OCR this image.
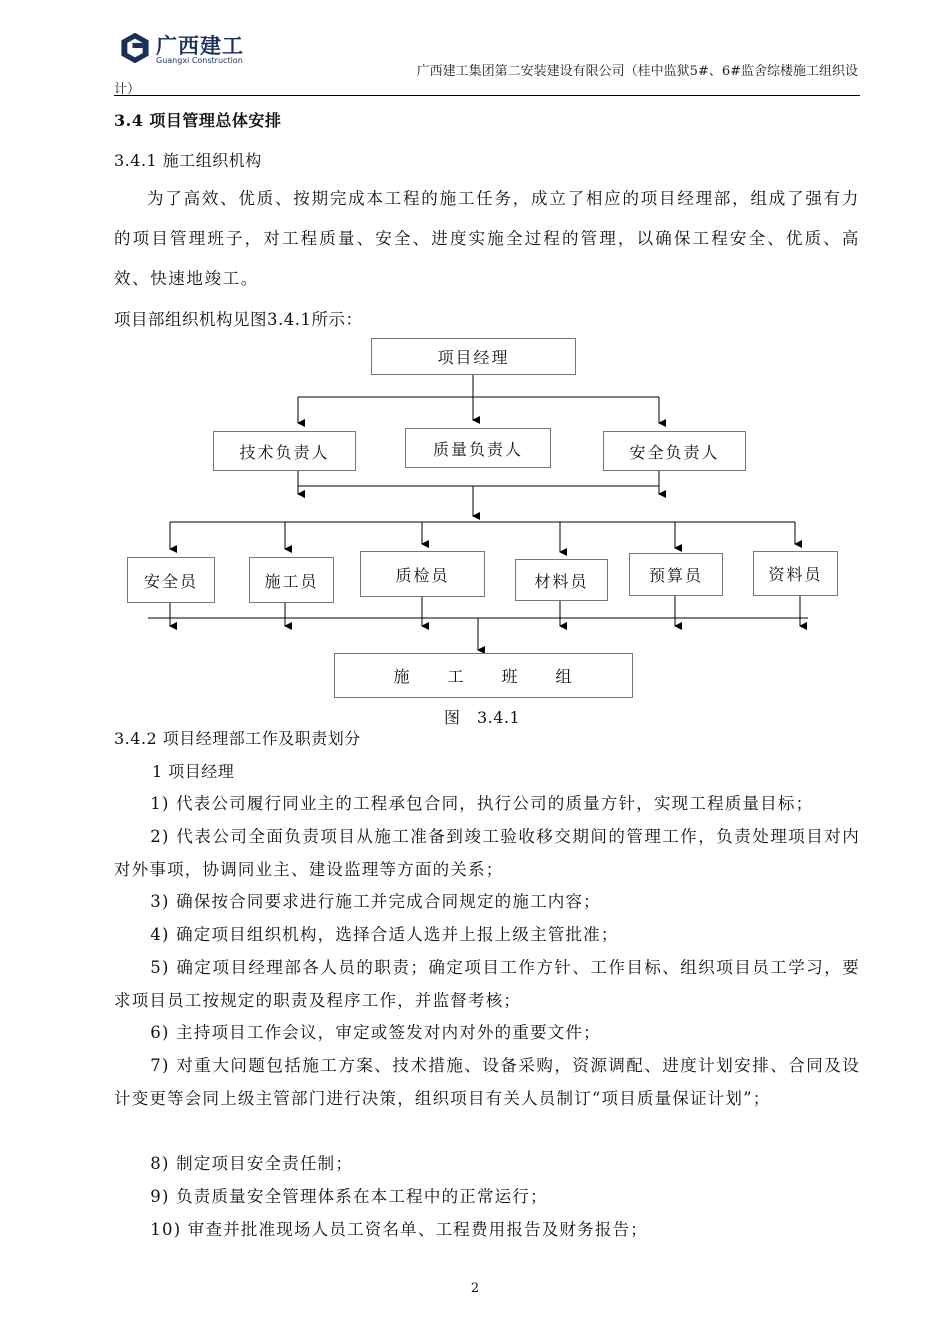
广西建工
Guangxi Construction
广西建工集团第二安装建设有限公司（桂中监狱5#、6#监舍综楼施工组织设
计）
3.4 项目管理总体安排
3.4.1 施工组织机构
为了高效、优质、按期完成本工程的施工任务，成立了相应的项目经理部，组成了强有力的项目管理班子，对工程质量、安全、进度实施全过程的管理，以确保工程安全、优质、高效、快速地竣工。
项目部组织机构见图3.4.1所示：
项目经理
技术负责人	质量负责人	安全负责人
安全员	施工员	质检员	材料员	预算员	资料员
施　　工　　班　　组
图　3.4.1
3.4.2 项目经理部工作及职责划分
1 项目经理
1) 代表公司履行同业主的工程承包合同，执行公司的质量方针，实现工程质量目标；
2) 代表公司全面负责项目从施工准备到竣工验收移交期间的管理工作，负责处理项目对内对外事项，协调同业主、建设监理等方面的关系；
3) 确保按合同要求进行施工并完成合同规定的施工内容；
4) 确定项目组织机构，选择合适人选并上报上级主管批准；
5) 确定项目经理部各人员的职责；确定项目工作方针、工作目标、组织项目员工学习，要求项目员工按规定的职责及程序工作，并监督考核；
6) 主持项目工作会议，审定或签发对内对外的重要文件；
7) 对重大问题包括施工方案、技术措施、设备采购，资源调配、进度计划安排、合同及设计变更等会同上级主管部门进行决策，组织项目有关人员制订“项目质量保证计划”；
8) 制定项目安全责任制；
9) 负责质量安全管理体系在本工程中的正常运行；
10) 审查并批准现场人员工资名单、工程费用报告及财务报告；
2
